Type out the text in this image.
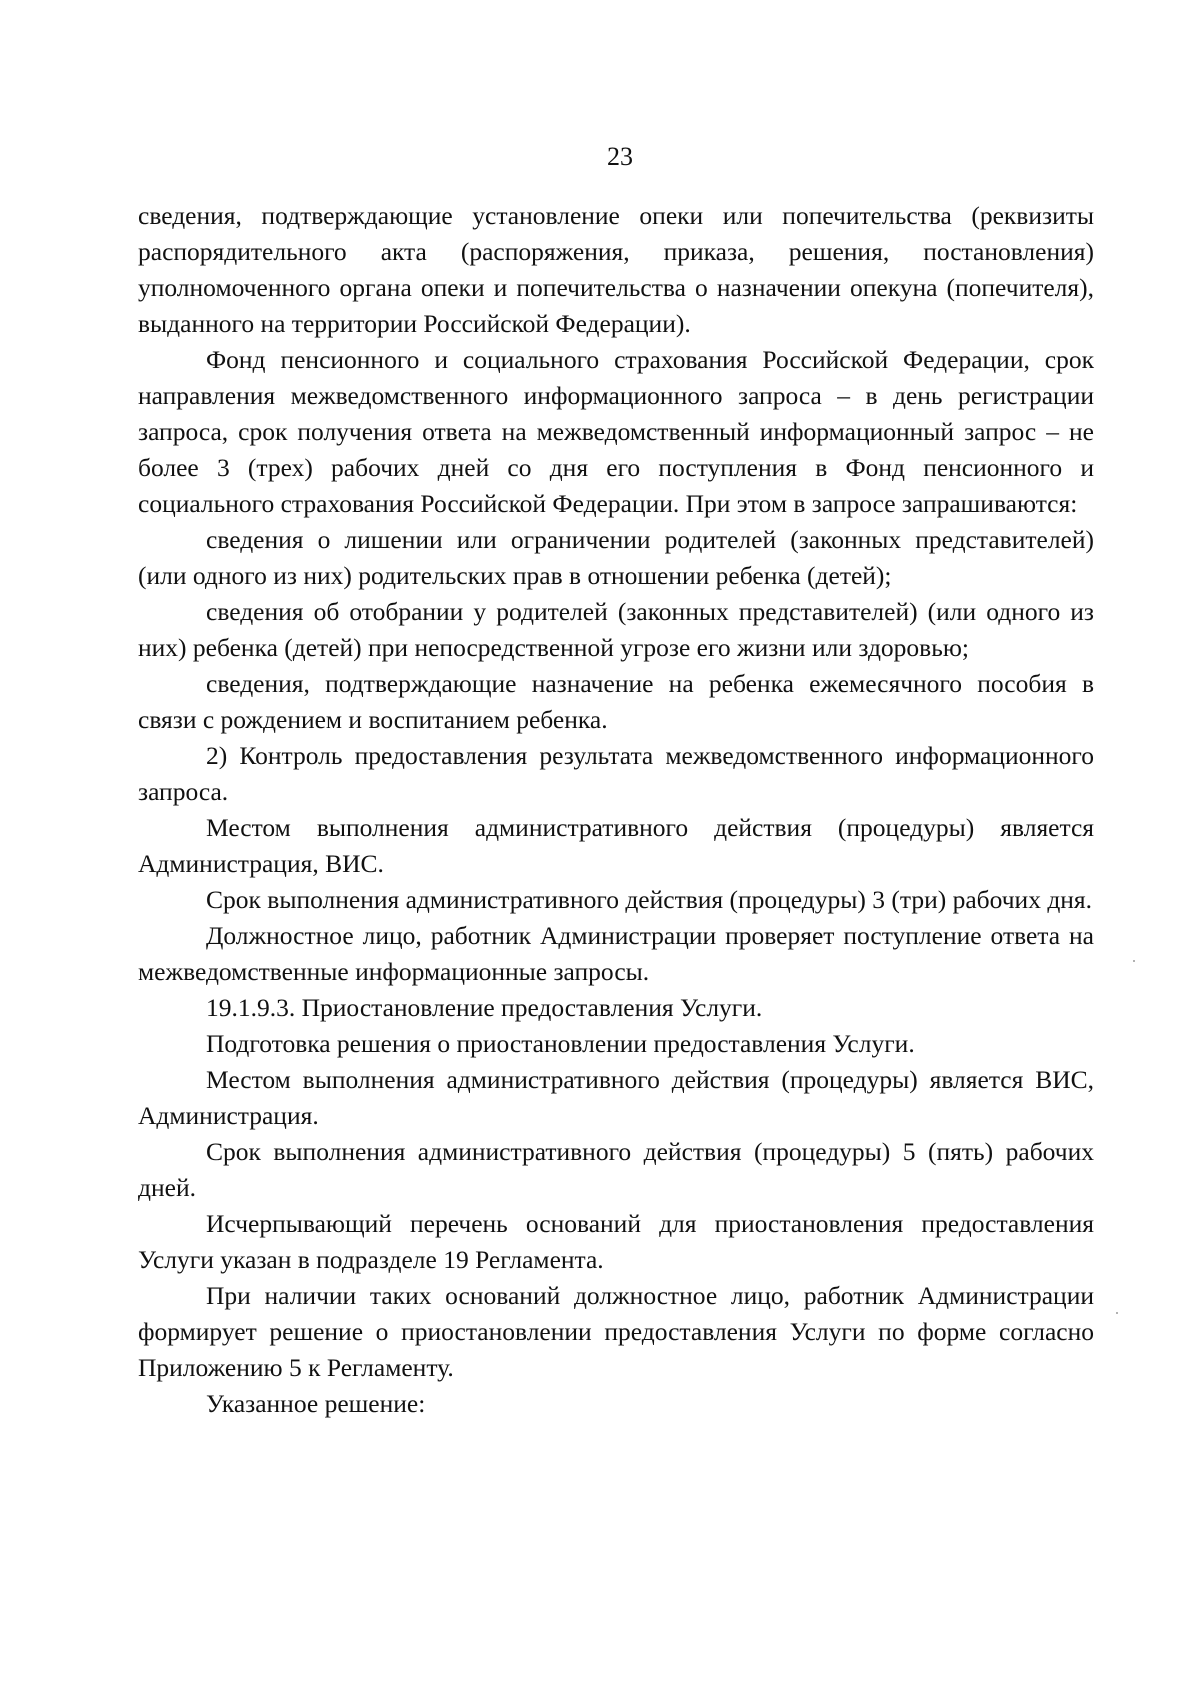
23

сведения, подтверждающие установление опеки или попечительства (реквизиты распорядительного акта (распоряжения, приказа, решения, постановления) уполномоченного органа опеки и попечительства о назначении опекуна (попечителя), выданного на территории Российской Федерации).

Фонд пенсионного и социального страхования Российской Федерации, срок направления межведомственного информационного запроса – в день регистрации запроса, срок получения ответа на межведомственный информационный запрос – не более 3 (трех) рабочих дней со дня его поступления в Фонд пенсионного и социального страхования Российской Федерации. При этом в запросе запрашиваются:

сведения о лишении или ограничении родителей (законных представителей) (или одного из них) родительских прав в отношении ребенка (детей);

сведения об отобрании у родителей (законных представителей) (или одного из них) ребенка (детей) при непосредственной угрозе его жизни или здоровью;

сведения, подтверждающие назначение на ребенка ежемесячного пособия в связи с рождением и воспитанием ребенка.

2) Контроль предоставления результата межведомственного информационного запроса.

Местом выполнения административного действия (процедуры) является Администрация, ВИС.

Срок выполнения административного действия (процедуры) 3 (три) рабочих дня.

Должностное лицо, работник Администрации проверяет поступление ответа на межведомственные информационные запросы.

19.1.9.3. Приостановление предоставления Услуги.

Подготовка решения о приостановлении предоставления Услуги.

Местом выполнения административного действия (процедуры) является ВИС, Администрация.

Срок выполнения административного действия (процедуры) 5 (пять) рабочих дней.

Исчерпывающий перечень оснований для приостановления предоставления Услуги указан в подразделе 19 Регламента.

При наличии таких оснований должностное лицо, работник Администрации формирует решение о приостановлении предоставления Услуги по форме согласно Приложению 5 к Регламенту.

Указанное решение:
